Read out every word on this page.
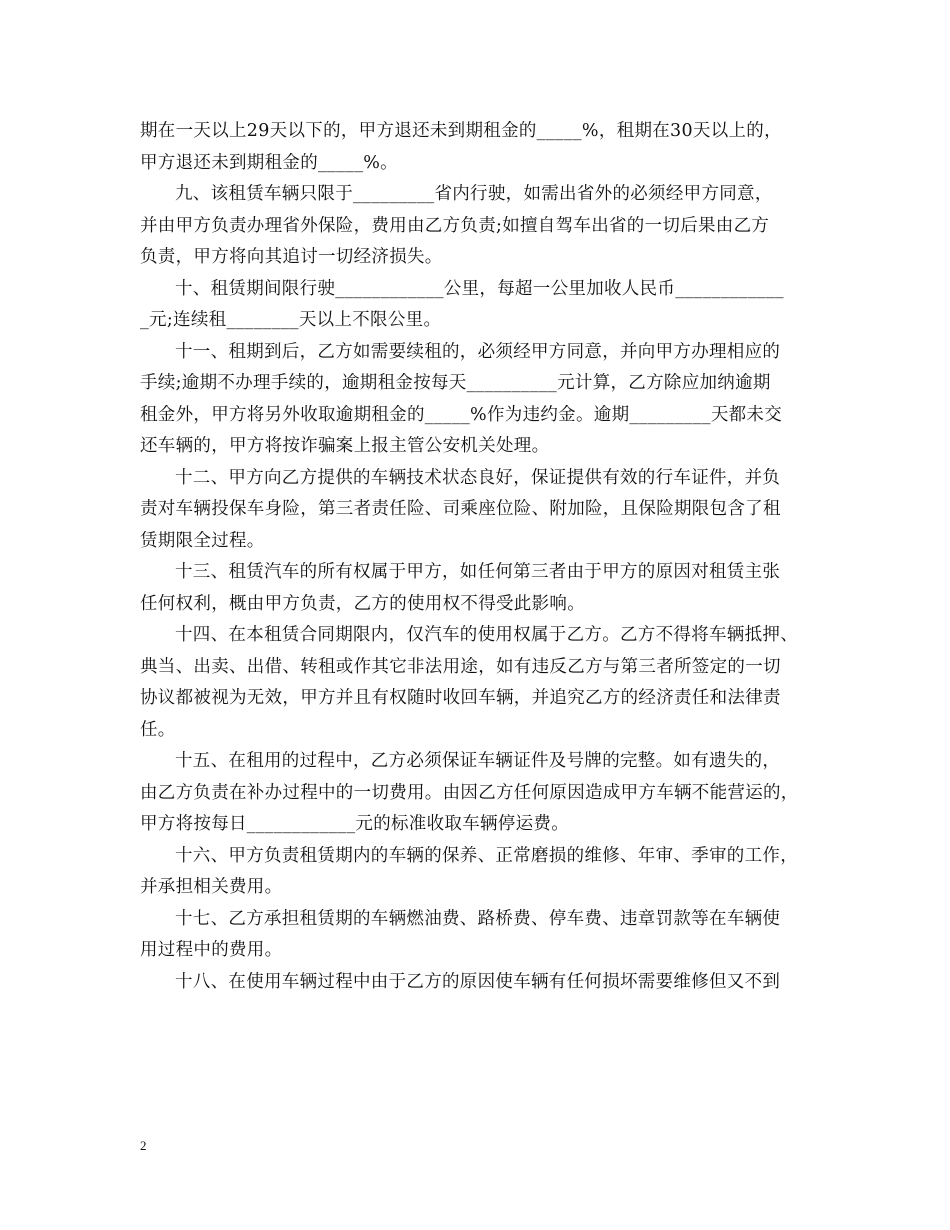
期在一天以上29天以下的，甲方退还未到期租金的_____%，租期在30天以上的，
甲方退还未到期租金的_____%。
九、该租赁车辆只限于_________省内行驶，如需出省外的必须经甲方同意，
并由甲方负责办理省外保险，费用由乙方负责;如擅自驾车出省的一切后果由乙方
负责，甲方将向其追讨一切经济损失。
十、租赁期间限行驶____________公里，每超一公里加收人民币____________
_元;连续租________天以上不限公里。
十一、租期到后，乙方如需要续租的，必须经甲方同意，并向甲方办理相应的
手续;逾期不办理手续的，逾期租金按每天__________元计算，乙方除应加纳逾期
租金外，甲方将另外收取逾期租金的_____%作为违约金。逾期_________天都未交
还车辆的，甲方将按诈骗案上报主管公安机关处理。
十二、甲方向乙方提供的车辆技术状态良好，保证提供有效的行车证件，并负
责对车辆投保车身险，第三者责任险、司乘座位险、附加险，且保险期限包含了租
赁期限全过程。
十三、租赁汽车的所有权属于甲方，如任何第三者由于甲方的原因对租赁主张
任何权利，概由甲方负责，乙方的使用权不得受此影响。
十四、在本租赁合同期限内，仅汽车的使用权属于乙方。乙方不得将车辆抵押、
典当、出卖、出借、转租或作其它非法用途，如有违反乙方与第三者所签定的一切
协议都被视为无效，甲方并且有权随时收回车辆，并追究乙方的经济责任和法律责
任。
十五、在租用的过程中，乙方必须保证车辆证件及号牌的完整。如有遗失的，
由乙方负责在补办过程中的一切费用。由因乙方任何原因造成甲方车辆不能营运的，
甲方将按每日____________元的标准收取车辆停运费。
十六、甲方负责租赁期内的车辆的保养、正常磨损的维修、年审、季审的工作，
并承担相关费用。
十七、乙方承担租赁期的车辆燃油费、路桥费、停车费、违章罚款等在车辆使
用过程中的费用。
十八、在使用车辆过程中由于乙方的原因使车辆有任何损坏需要维修但又不到
2
